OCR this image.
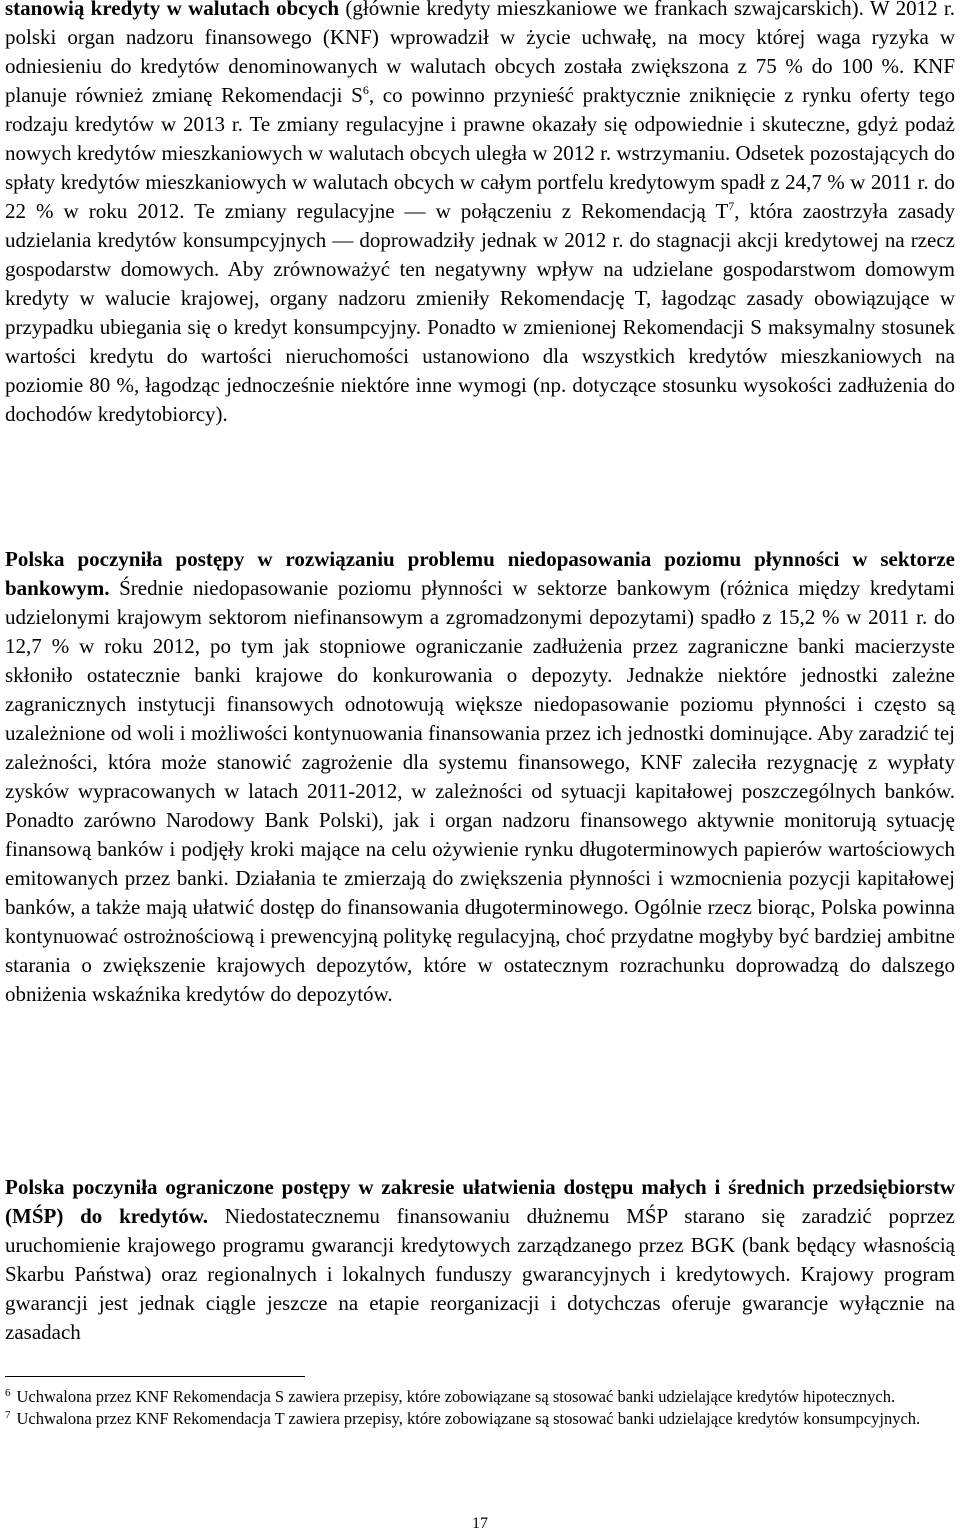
stanowią kredyty w walutach obcych (głównie kredyty mieszkaniowe we frankach szwajcarskich). W 2012 r. polski organ nadzoru finansowego (KNF) wprowadził w życie uchwałę, na mocy której waga ryzyka w odniesieniu do kredytów denominowanych w walutach obcych została zwiększona z 75 % do 100 %. KNF planuje również zmianę Rekomendacji $S^6$, co powinno przynieść praktycznie zniknięcie z rynku oferty tego rodzaju kredytów w 2013 r. Te zmiany regulacyjne i prawne okazały się odpowiednie i skuteczne, gdyż podaż nowych kredytów mieszkaniowych w walutach obcych uległa w 2012 r. wstrzymaniu. Odsetek pozostających do spłaty kredytów mieszkaniowych w walutach obcych w całym portfelu kredytowym spadł z 24,7 % w 2011 r. do 22 % w roku 2012. Te zmiany regulacyjne — w połączeniu z Rekomendacją $T^7$, która zaostrzyła zasady udzielania kredytów konsumpcyjnych — doprowadziły jednak w 2012 r. do stagnacji akcji kredytowej na rzecz gospodarstw domowych. Aby zrównoważyć ten negatywny wpływ na udzielane gospodarstwom domowym kredyty w walucie krajowej, organy nadzoru zmieniły Rekomendację T, łagodząc zasady obowiązujące w przypadku ubiegania się o kredyt konsumpcyjny. Ponadto w zmienionej Rekomendacji S maksymalny stosunek wartości kredytu do wartości nieruchomości ustanowiono dla wszystkich kredytów mieszkaniowych na poziomie 80 %, łagodząc jednocześnie niektóre inne wymogi (np. dotyczące stosunku wysokości zadłużenia do dochodów kredytobiorcy).

Polska poczyniła postępy w rozwiązaniu problemu niedopasowania poziomu płynności w sektorze bankowym. Średnie niedopasowanie poziomu płynności w sektorze bankowym (różnica między kredytami udzielonymi krajowym sektorom niefinansowym a zgromadzonymi depozytami) spadło z 15,2 % w 2011 r. do 12,7 % w roku 2012, po tym jak stopniowe ograniczanie zadłużenia przez zagraniczne banki macierzyste skłoniło ostatecznie banki krajowe do konkurowania o depozyty. Jednakże niektóre jednostki zależne zagranicznych instytucji finansowych odnotowują większe niedopasowanie poziomu płynności i często są uzależnione od woli i możliwości kontynuowania finansowania przez ich jednostki dominujące. Aby zaradzić tej zależności, która może stanowić zagrożenie dla systemu finansowego, KNF zaleciła rezygnację z wypłaty zysków wypracowanych w latach 2011-2012, w zależności od sytuacji kapitałowej poszczególnych banków. Ponadto zarówno Narodowy Bank Polski), jak i organ nadzoru finansowego aktywnie monitorują sytuację finansową banków i podjęły kroki mające na celu ożywienie rynku długoterminowych papierów wartościowych emitowanych przez banki. Działania te zmierzają do zwiększenia płynności i wzmocnienia pozycji kapitałowej banków, a także mają ułatwić dostęp do finansowania długoterminowego. Ogólnie rzecz biorąc, Polska powinna kontynuować ostrożnościową i prewencyjną politykę regulacyjną, choć przydatne mogłyby być bardziej ambitne starania o zwiększenie krajowych depozytów, które w ostatecznym rozrachunku doprowadzą do dalszego obniżenia wskaźnika kredytów do depozytów.

Polska poczyniła ograniczone postępy w zakresie ułatwienia dostępu małych i średnich przedsiębiorstw (MŚP) do kredytów. Niedostatecznemu finansowaniu dłużnemu MŚP starano się zaradzić poprzez uruchomienie krajowego programu gwarancji kredytowych zarządzanego przez BGK (bank będący własnością Skarbu Państwa) oraz regionalnych i lokalnych funduszy gwarancyjnych i kredytowych. Krajowy program gwarancji jest jednak ciągle jeszcze na etapie reorganizacji i dotychczas oferuje gwarancje wyłącznie na zasadach

$^6$ Uchwalona przez KNF Rekomendacja S zawiera przepisy, które zobowiązane są stosować banki udzielające kredytów hipotecznych.

$^7$ Uchwalona przez KNF Rekomendacja T zawiera przepisy, które zobowiązane są stosować banki udzielające kredytów konsumpcyjnych.

17
